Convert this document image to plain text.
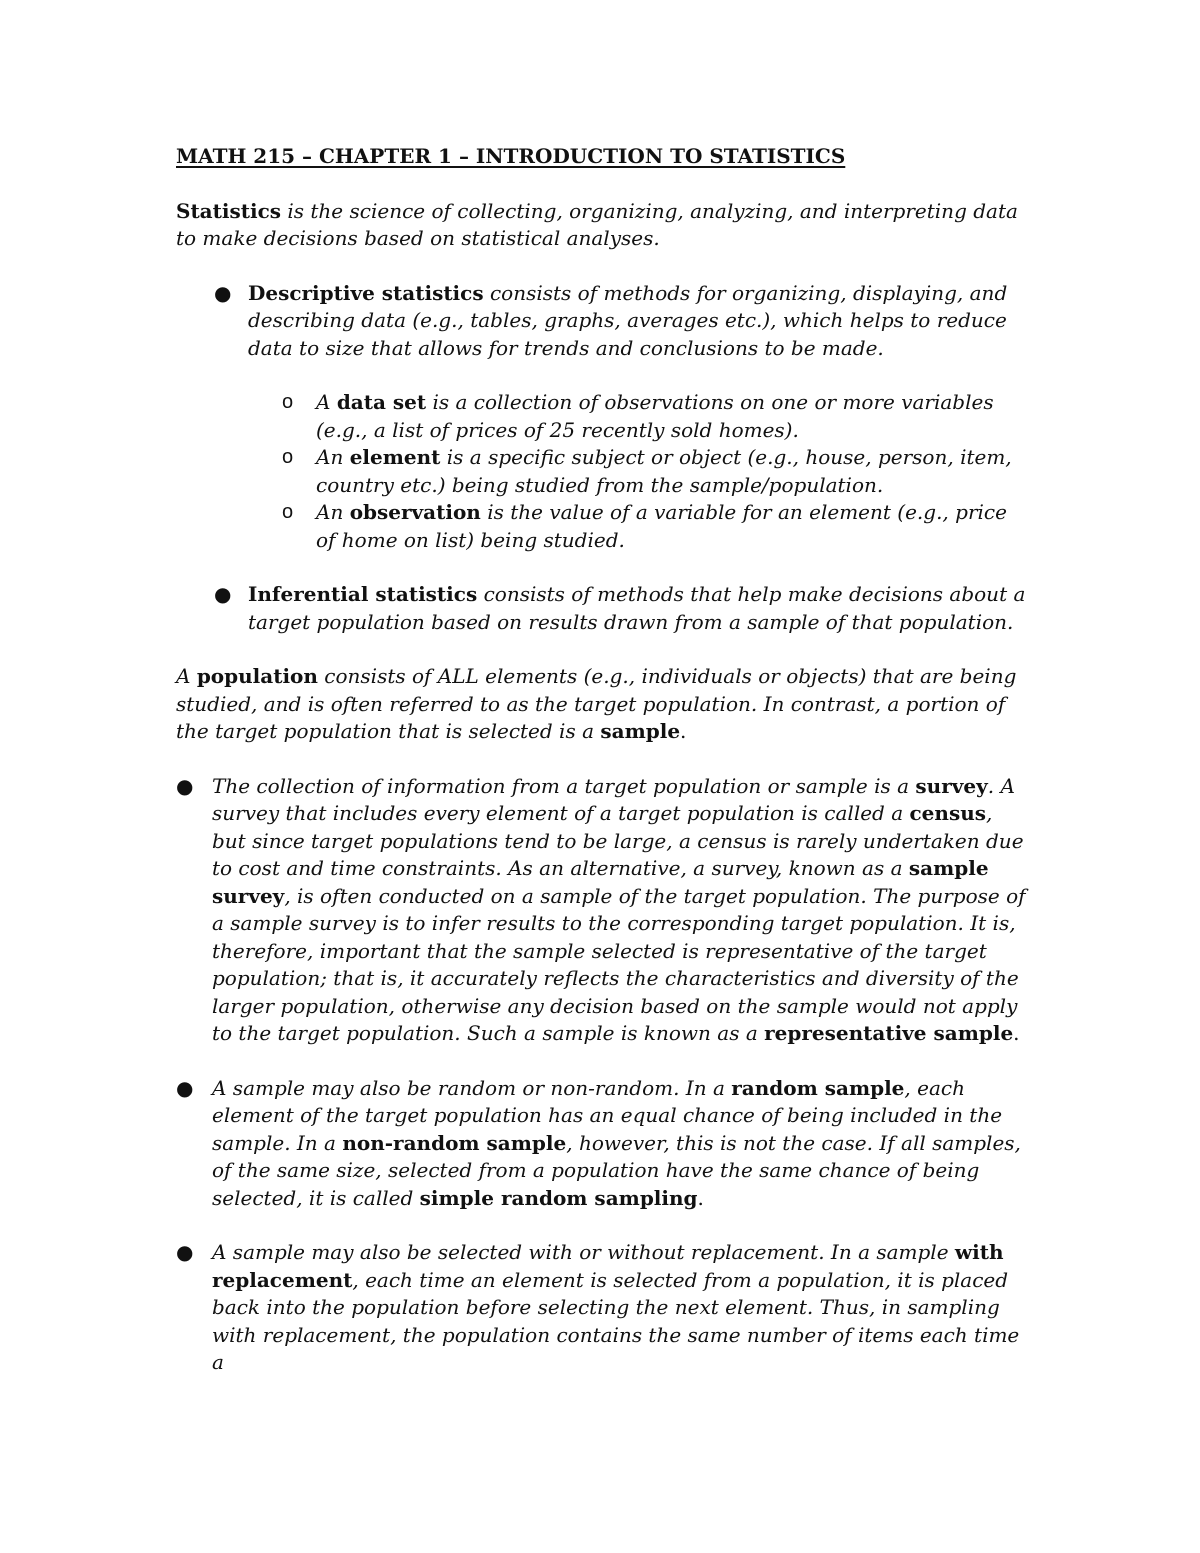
MATH 215 – CHAPTER 1 – INTRODUCTION TO STATISTICS

Statistics is the science of collecting, organizing, analyzing, and interpreting data to make decisions based on statistical analyses.

● Descriptive statistics consists of methods for organizing, displaying, and describing data (e.g., tables, graphs, averages etc.), which helps to reduce data to size that allows for trends and conclusions to be made.
o A data set is a collection of observations on one or more variables (e.g., a list of prices of 25 recently sold homes).
o An element is a specific subject or object (e.g., house, person, item, country etc.) being studied from the sample/population.
o An observation is the value of a variable for an element (e.g., price of home on list) being studied.
● Inferential statistics consists of methods that help make decisions about a target population based on results drawn from a sample of that population.

A population consists of ALL elements (e.g., individuals or objects) that are being studied, and is often referred to as the target population. In contrast, a portion of the target population that is selected is a sample.

● The collection of information from a target population or sample is a survey. A survey that includes every element of a target population is called a census, but since target populations tend to be large, a census is rarely undertaken due to cost and time constraints. As an alternative, a survey, known as a sample survey, is often conducted on a sample of the target population. The purpose of a sample survey is to infer results to the corresponding target population. It is, therefore, important that the sample selected is representative of the target population; that is, it accurately reflects the characteristics and diversity of the larger population, otherwise any decision based on the sample would not apply to the target population. Such a sample is known as a representative sample.
● A sample may also be random or non-random. In a random sample, each element of the target population has an equal chance of being included in the sample. In a non-random sample, however, this is not the case. If all samples, of the same size, selected from a population have the same chance of being selected, it is called simple random sampling.
● A sample may also be selected with or without replacement. In a sample with replacement, each time an element is selected from a population, it is placed back into the population before selecting the next element. Thus, in sampling with replacement, the population contains the same number of items each time a
